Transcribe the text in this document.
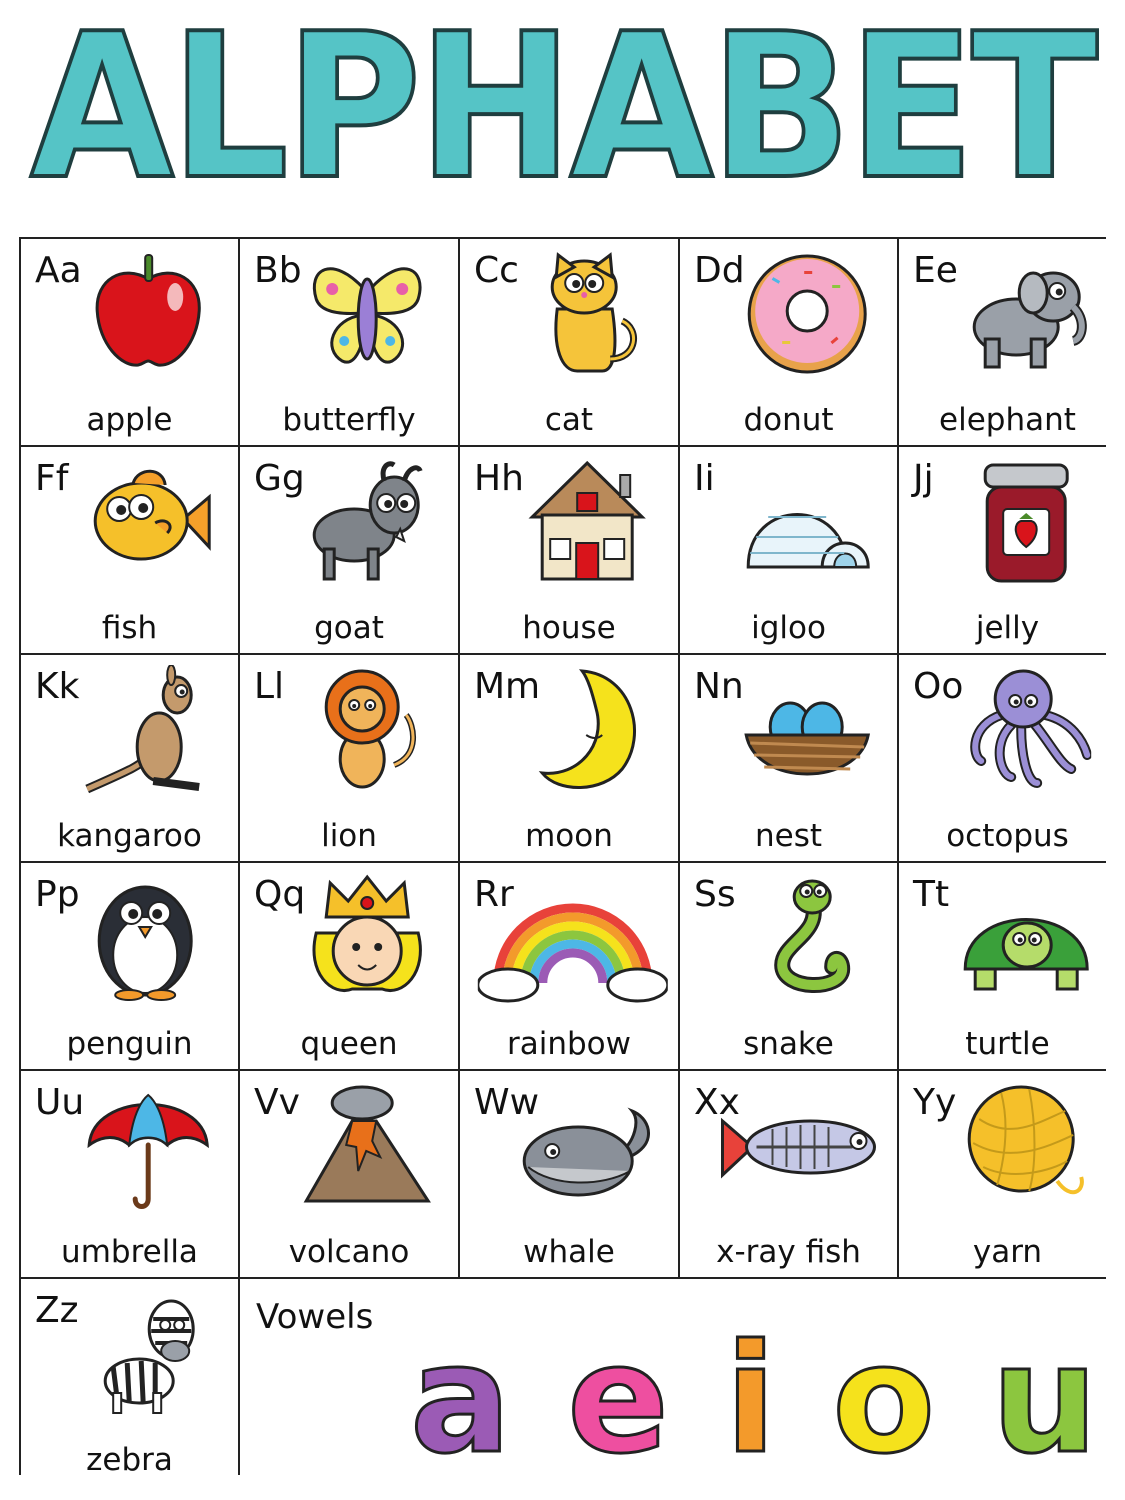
ALPHABET
Aa
apple
Bb
butterfly
Cc
cat
Dd
donut
Ee
elephant
Ff
fish
Gg
goat
Hh
house
Ii
igloo
Jj
jelly
Kk
kangaroo
Ll
lion
Mm
moon
Nn
nest
Oo
octopus
Pp
penguin
Qq
queen
Rr
rainbow
Ss
snake
Tt
turtle
Uu
umbrella
Vv
volcano
Ww
whale
Xx
x-ray fish
Yy
yarn
Zz
zebra
Vowels a e i o u
